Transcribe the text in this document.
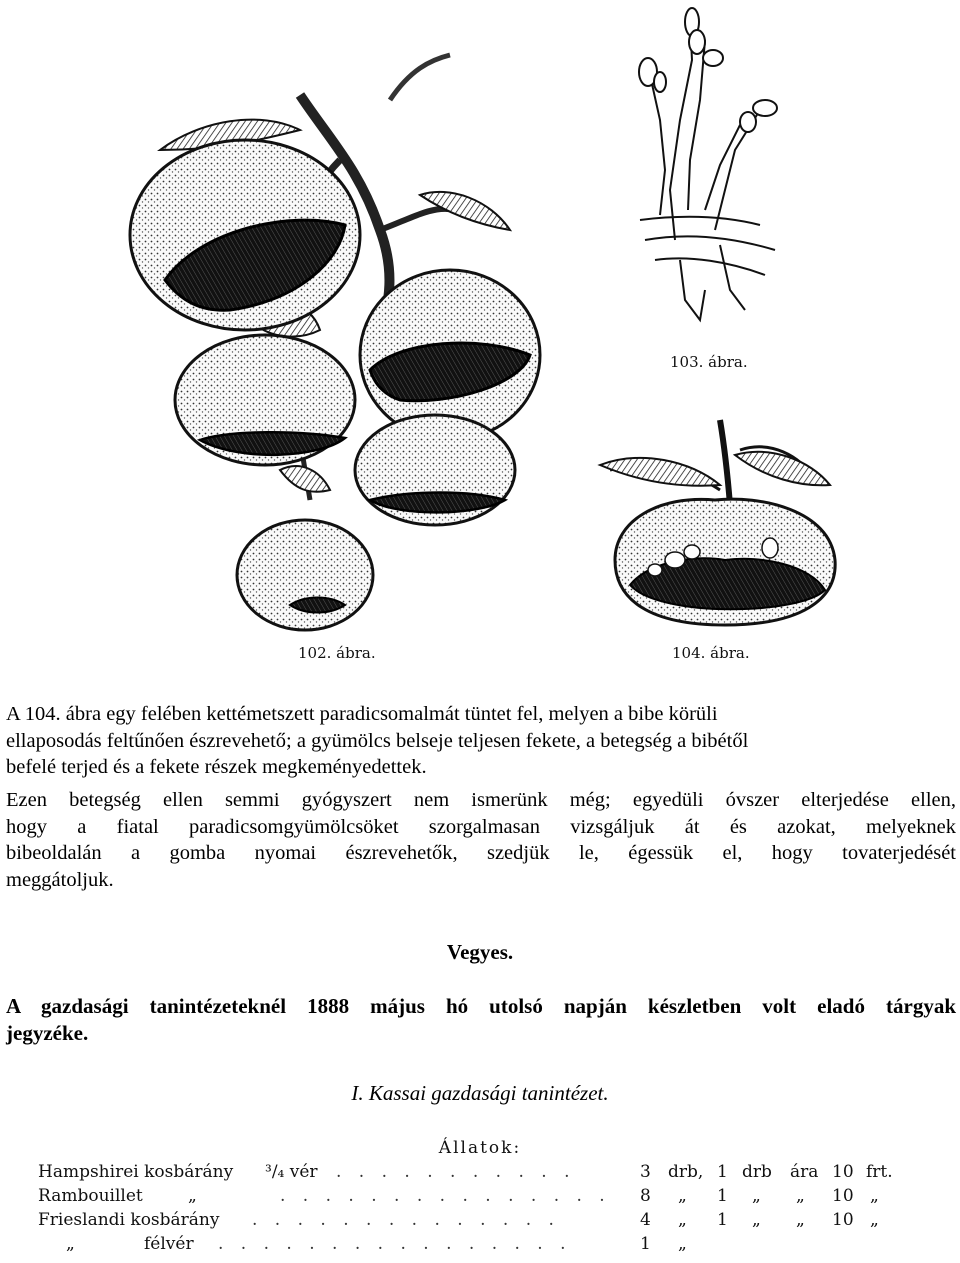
103. ábra.
102. ábra.	104. ábra.
A 104. ábra egy felében kettémetszett paradicsomalmát tüntet fel, melyen a bibe körüli
ellaposodás feltűnően észrevehető; a gyümölcs belseje teljesen fekete, a betegség a bibétől
befelé terjed és a fekete részek megkeményedettek.
Ezen betegség ellen semmi gyógyszert nem ismerünk még; egyedüli óvszer elterjedése ellen,
hogy a fiatal paradicsomgyümölcsöket szorgalmasan vizsgáljuk át és azokat, melyeknek
bibeoldalán a gomba nyomai észrevehetők, szedjük le, égessük el, hogy tovaterjedését
meggátoljuk.
Vegyes.
A gazdasági tanintézeteknél 1888 május hó utolsó napján készletben volt eladó tárgyak
jegyzéke.
I. Kassai gazdasági tanintézet.
Állatok:
Hampshirei kosbárány ³/₄ vér . . . . . . . . . . .	3 drb, 1 drb ára 10 frt.
Rambouillet	„	. . . . . . . . . . . . . . . 8 „ 1 „ „ 10 „
Frieslandi kosbárány . . . . . . . . . . . . . .	4 „ 1 „ „ 10 „
„	félvér . . . . . . . . . . . . . . . .	1 „
